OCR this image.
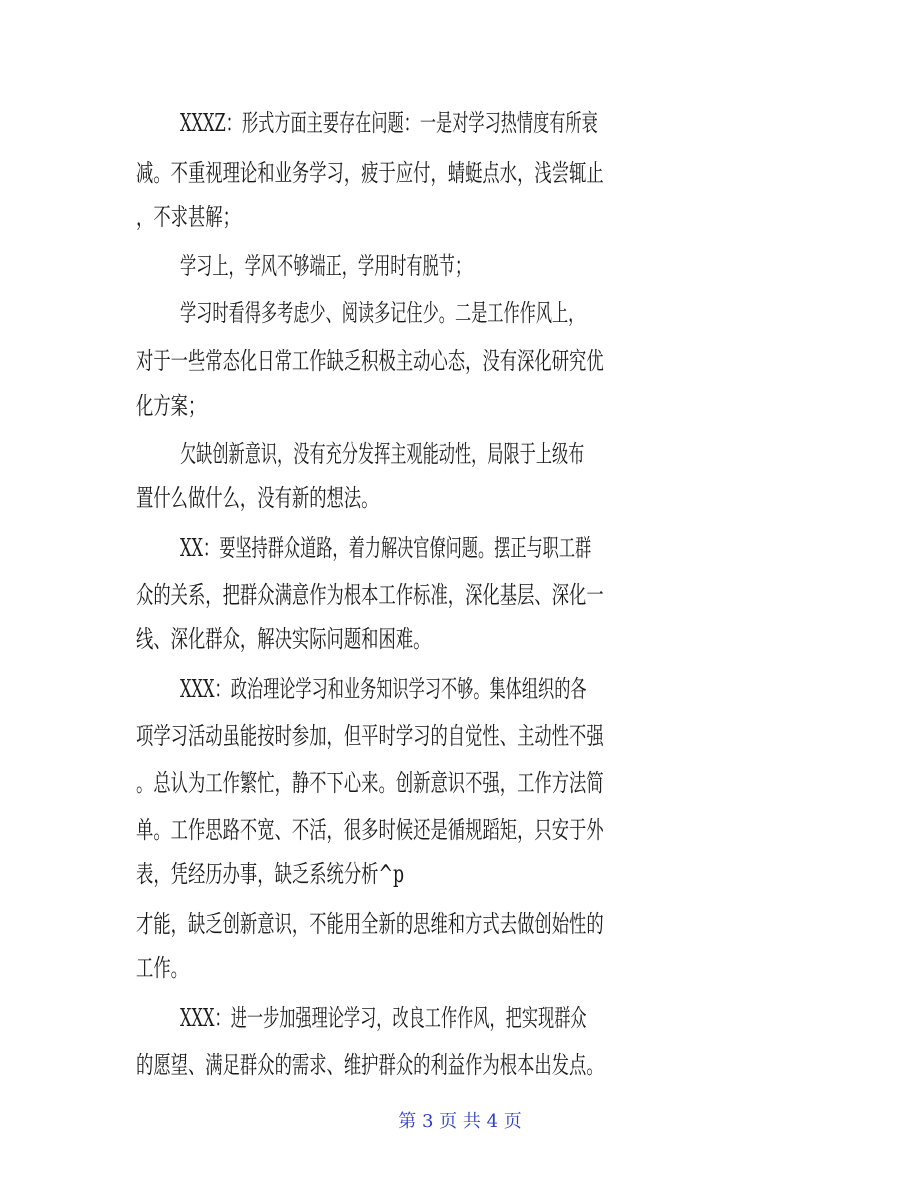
XXXZ：形式方面主要存在问题：一是对学习热情度有所衰
减。不重视理论和业务学习，疲于应付，蜻蜓点水，浅尝辄止
，不求甚解；
学习上，学风不够端正，学用时有脱节；
学习时看得多考虑少、阅读多记住少。二是工作作风上，
对于一些常态化日常工作缺乏积极主动心态，没有深化研究优
化方案；
欠缺创新意识，没有充分发挥主观能动性，局限于上级布
置什么做什么，没有新的想法。
XX：要坚持群众道路，着力解决官僚问题。摆正与职工群
众的关系，把群众满意作为根本工作标准，深化基层、深化一
线、深化群众，解决实际问题和困难。
XXX：政治理论学习和业务知识学习不够。集体组织的各
项学习活动虽能按时参加，但平时学习的自觉性、主动性不强
。总认为工作繁忙，静不下心来。创新意识不强，工作方法简
单。工作思路不宽、不活，很多时候还是循规蹈矩，只安于外
表，凭经历办事，缺乏系统分析^p
才能，缺乏创新意识，不能用全新的思维和方式去做创始性的
工作。
XXX：进一步加强理论学习，改良工作作风，把实现群众
的愿望、满足群众的需求、维护群众的利益作为根本出发点。
第 3 页 共 4 页
